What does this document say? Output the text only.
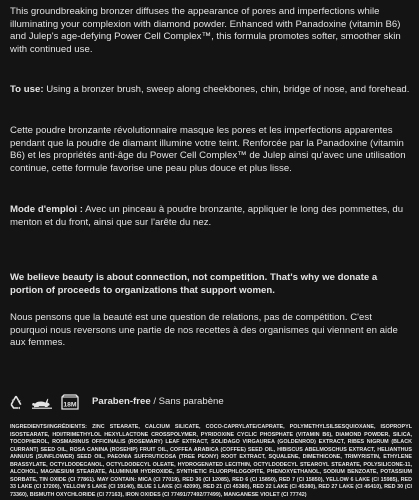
This groundbreaking bronzer diffuses the appearance of pores and imperfections while illuminating your complexion with diamond powder. Enhanced with Panadoxine (vitamin B6) and Julep's age-defying Power Cell Complex™, this formula promotes softer, smoother skin with continued use.

To use: Using a bronzer brush, sweep along cheekbones, chin, bridge of nose, and forehead.

Cette poudre bronzante révolutionnaire masque les pores et les imperfections apparentes pendant que la poudre de diamant illumine votre teint. Renforcée par la Panadoxine (vitamin B6) et les propriétés anti-âge du Power Cell Complex™ de Julep ainsi qu'avec une utilisation continue, cette formule favorise une peau plus douce et plus lisse.

Mode d'emploi : Avec un pinceau à poudre bronzante, appliquer le long des pommettes, du menton et du front, ainsi que sur l'arête du nez.

We believe beauty is about connection, not competition. That's why we donate a portion of proceeds to organizations that support women.

Nous pensons que la beauté est une question de relations, pas de compétition. C'est pourquoi nous reversons une partie de nos recettes à des organismes qui viennent en aide aux femmes.

18M Paraben-free / Sans parabène

INGREDIENTS/INGRÉDIENTS: ZINC STEARATE, CALCIUM SILICATE, COCO-CAPRYLATE/CAPRATE, POLYMETHYLSILSESQUIOXANE, ISOPROPYL ISOSTEARATE, HDI/TRIMETHYLOL HEXYLLACTONE CROSSPOLYMER, PYRIDOXINE CYCLIC PHOSPHATE (VITAMIN B6), DIAMOND POWDER, SILICA, TOCOPHEROL, ROSMARINUS OFFICINALIS (ROSEMARY) LEAF EXTRACT, SOLIDAGO VIRGAUREA (GOLDENROD) EXTRACT, RIBES NIGRUM (BLACK CURRANT) SEED OIL, ROSA CANINA (ROSEHIP) FRUIT OIL, COFFEA ARABICA (COFFEE) SEED OIL, HIBISCUS ABELMOSCHUS EXTRACT, HELIANTHUS ANNUUS (SUNFLOWER) SEED OIL, PAEONIA SUFFRUTICOSA (TREE PEONY) ROOT EXTRACT, SQUALENE, DIMETHICONE, TRIMYRISTIN, ETHYLENE BRASSYLATE, OCTYLDODECANOL, OCTYLDODECYL OLEATE, HYDROGENATED LECITHIN, OCTYLDODECYL STEAROYL STEARATE, POLYSILICONE-11, ALCOHOL, MAGNESIUM STEARATE, ALUMINUM HYDROXIDE, SYNTHETIC FLUORPHLOGOPITE, PHENOXYETHANOL, SODIUM BENZOATE, POTASSIUM SORBATE, TIN OXIDE (CI 77861). MAY CONTAIN: MICA (CI 77019), RED 36 (CI 12085), RED 6 (CI 15850), RED 7 (CI 15850), YELLOW 6 LAKE (CI 15985), RED 33 LAKE (CI 17200), YELLOW 5 LAKE (CI 19140), BLUE 1 LAKE (CI 42090), RED 21 (CI 45380), RED 22 LAKE (CI 45380), RED 27 LAKE (CI 45410), RED 30 (CI 73360), BISMUTH OXYCHLORIDE (CI 77163), IRON OXIDES (CI 77491/77492/77499), MANGANESE VIOLET (CI 77742)
